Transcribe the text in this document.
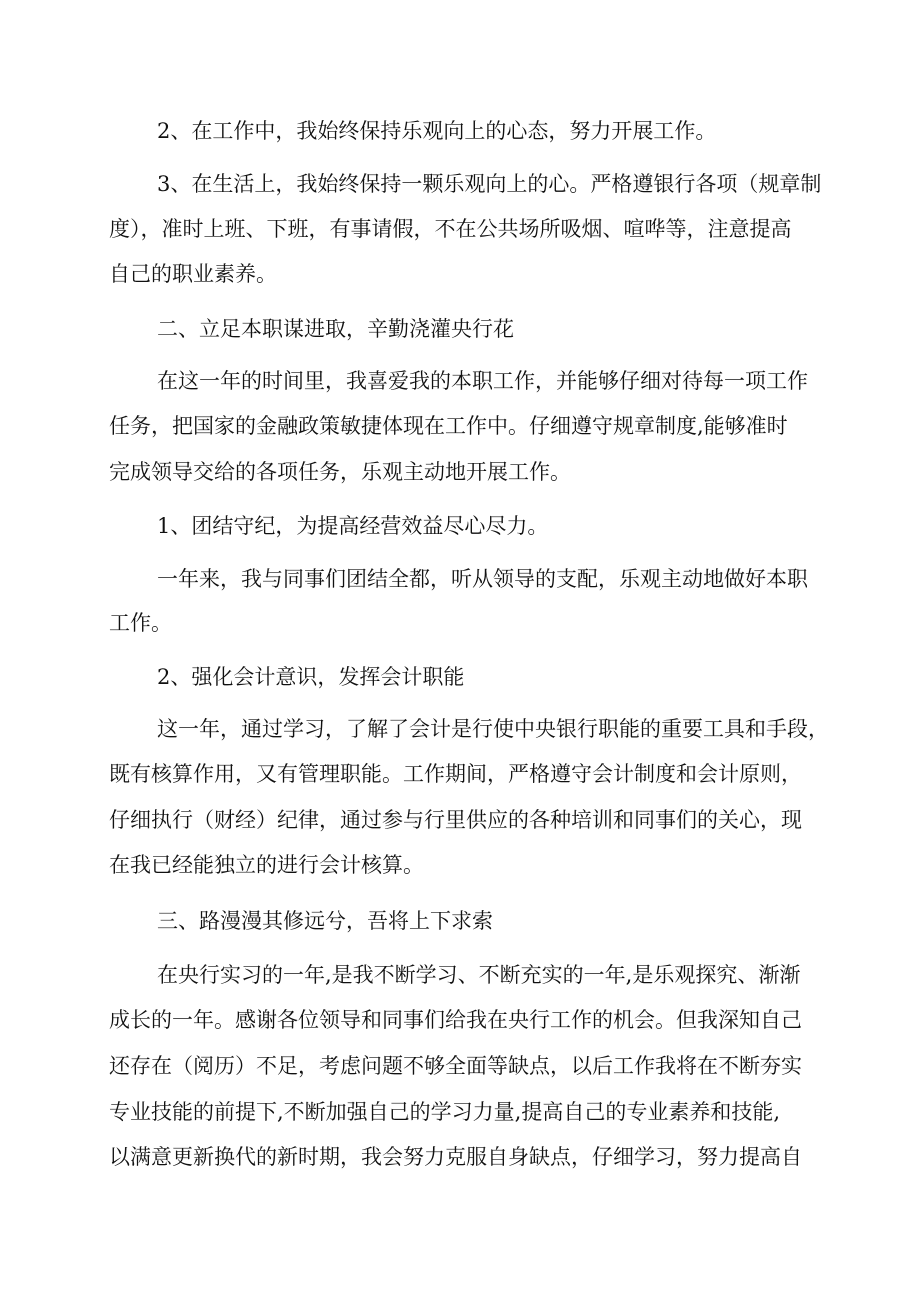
2、在工作中，我始终保持乐观向上的心态，努力开展工作。
3、在生活上，我始终保持一颗乐观向上的心。严格遵银行各项（规章制
度），准时上班、下班，有事请假，不在公共场所吸烟、喧哗等，注意提高
自己的职业素养。
二、立足本职谋进取，辛勤浇灌央行花
在这一年的时间里，我喜爱我的本职工作，并能够仔细对待每一项工作
任务，把国家的金融政策敏捷体现在工作中。仔细遵守规章制度,能够准时
完成领导交给的各项任务，乐观主动地开展工作。
1、团结守纪，为提高经营效益尽心尽力。
一年来，我与同事们团结全都，听从领导的支配，乐观主动地做好本职
工作。
2、强化会计意识，发挥会计职能
这一年，通过学习，了解了会计是行使中央银行职能的重要工具和手段，
既有核算作用，又有管理职能。工作期间，严格遵守会计制度和会计原则，
仔细执行（财经）纪律，通过参与行里供应的各种培训和同事们的关心，现
在我已经能独立的进行会计核算。
三、路漫漫其修远兮，吾将上下求索
在央行实习的一年,是我不断学习、不断充实的一年,是乐观探究、渐渐
成长的一年。感谢各位领导和同事们给我在央行工作的机会。但我深知自己
还存在（阅历）不足，考虑问题不够全面等缺点，以后工作我将在不断夯实
专业技能的前提下,不断加强自己的学习力量,提高自己的专业素养和技能,
以满意更新换代的新时期，我会努力克服自身缺点，仔细学习，努力提高自
